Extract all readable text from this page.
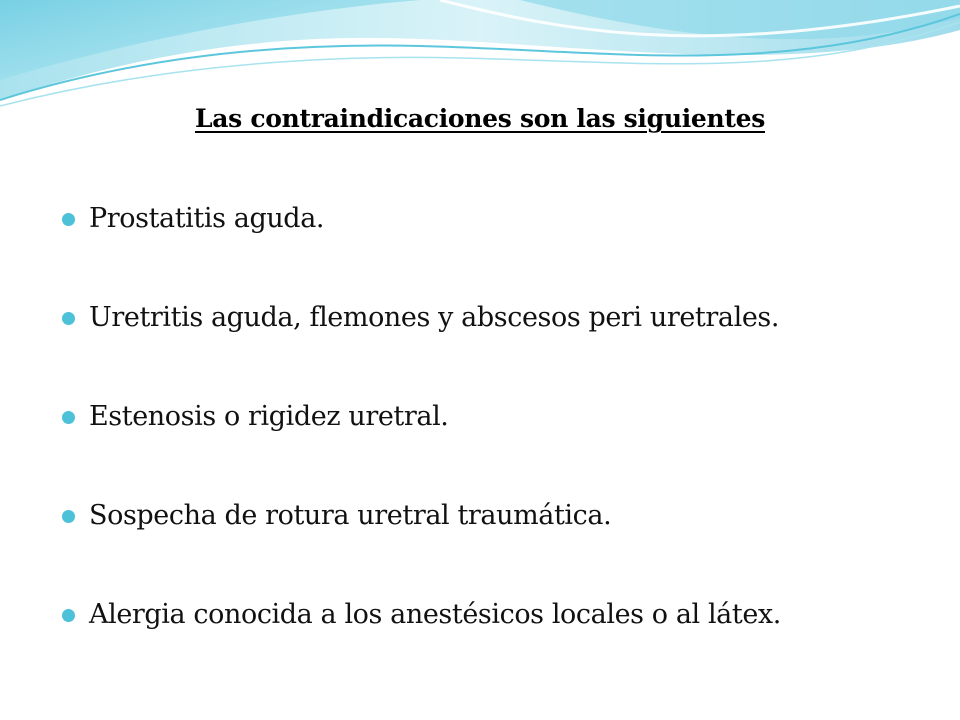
Las contraindicaciones son las siguientes
Prostatitis aguda.
Uretritis aguda, flemones y abscesos peri uretrales.
Estenosis o rigidez uretral.
Sospecha de rotura uretral traumática.
Alergia conocida a los anestésicos locales o al látex.
